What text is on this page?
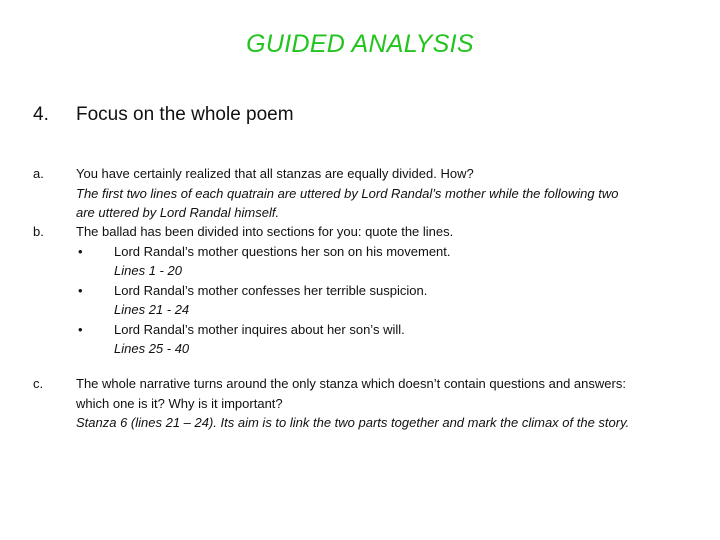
GUIDED ANALYSIS
4. Focus on the whole poem
a. You have certainly realized that all stanzas are equally divided. How?
The first two lines of each quatrain are uttered by Lord Randal’s mother while the following two
are uttered by Lord Randal himself.
b. The ballad has been divided into sections for you: quote the lines.
• Lord Randal’s mother questions her son on his movement.
Lines 1 - 20
• Lord Randal’s mother confesses her terrible suspicion.
Lines 21 - 24
• Lord Randal’s mother inquires about her son’s will.
Lines 25 - 40
c.	The whole narrative turns around the only stanza which doesn’t contain questions and answers:
which one is it? Why is it important?
Stanza 6 (lines 21 – 24). Its aim is to link the two parts together and mark the climax of the story.
